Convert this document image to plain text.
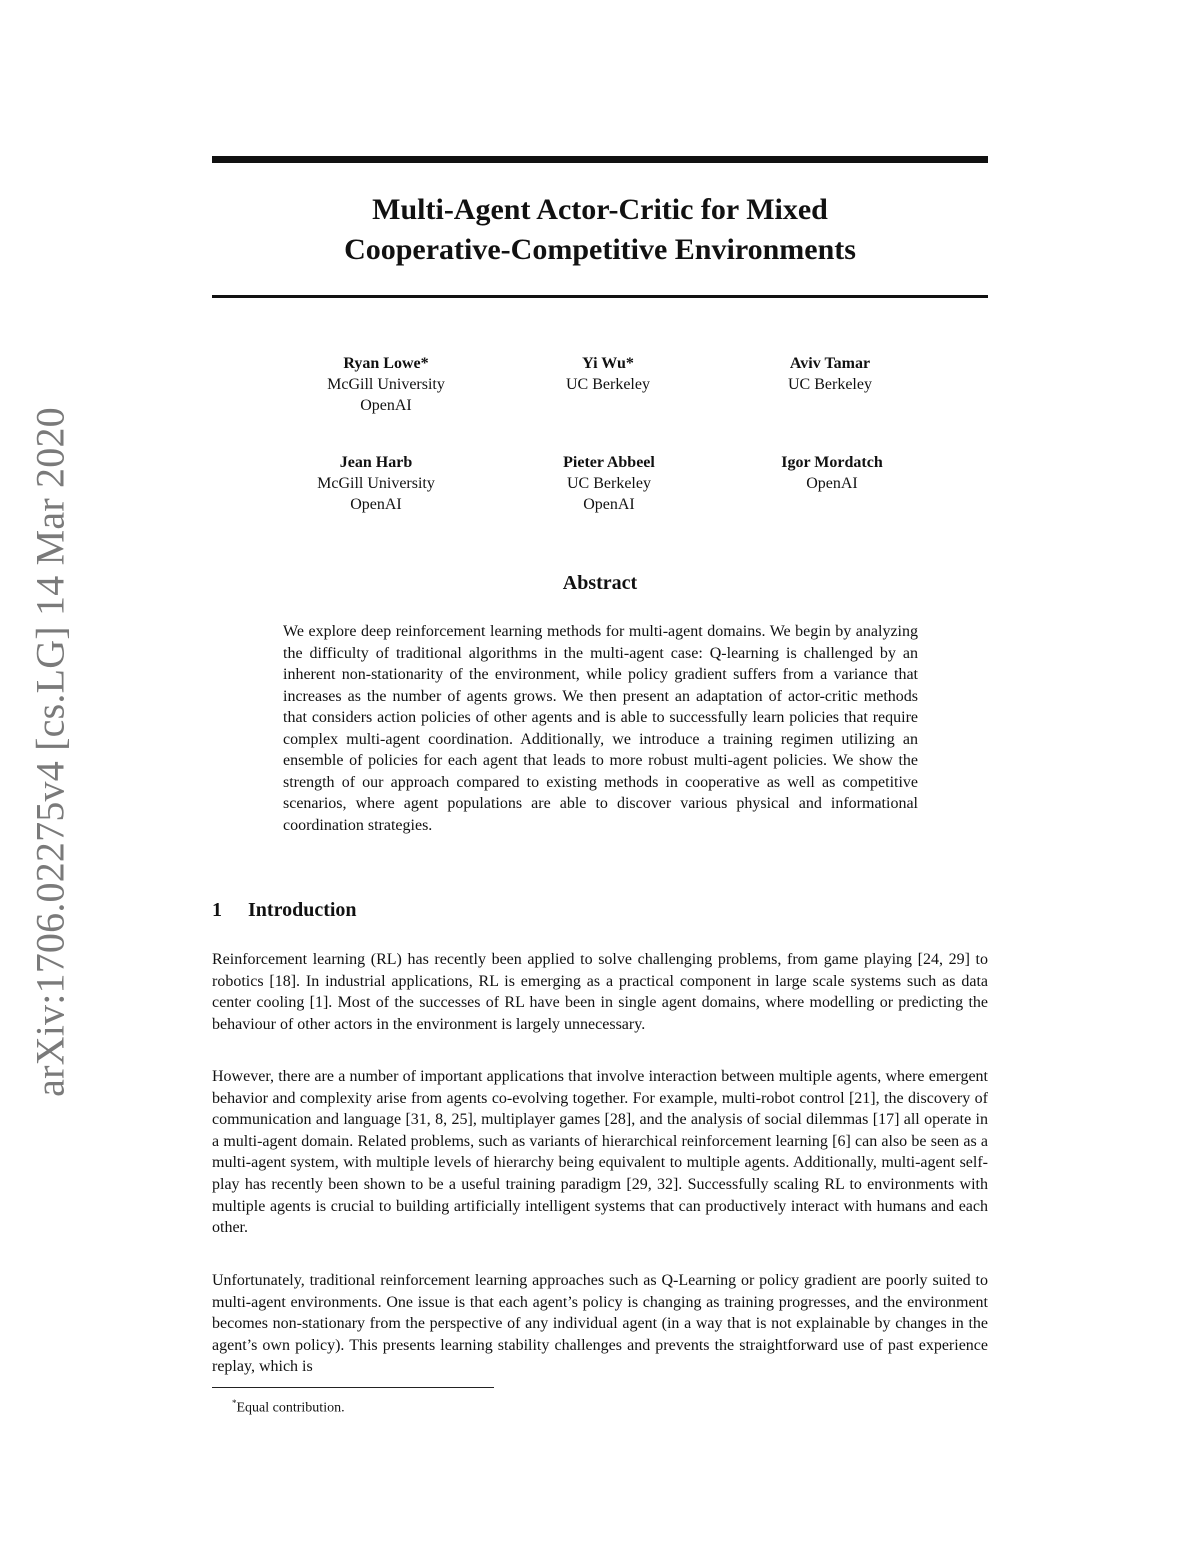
arXiv:1706.02275v4 [cs.LG] 14 Mar 2020
Multi-Agent Actor-Critic for Mixed
Cooperative-Competitive Environments
Ryan Lowe*
McGill University
OpenAI
Yi Wu*
UC Berkeley
Aviv Tamar
UC Berkeley
Jean Harb
McGill University
OpenAI
Pieter Abbeel
UC Berkeley
OpenAI
Igor Mordatch
OpenAI
Abstract
We explore deep reinforcement learning methods for multi-agent domains. We begin by analyzing the difficulty of traditional algorithms in the multi-agent case: Q-learning is challenged by an inherent non-stationarity of the environment, while policy gradient suffers from a variance that increases as the number of agents grows. We then present an adaptation of actor-critic methods that considers action policies of other agents and is able to successfully learn policies that require complex multi-agent coordination. Additionally, we introduce a training regimen utilizing an ensemble of policies for each agent that leads to more robust multi-agent policies. We show the strength of our approach compared to existing methods in cooperative as well as competitive scenarios, where agent populations are able to discover various physical and informational coordination strategies.
1 Introduction

Reinforcement learning (RL) has recently been applied to solve challenging problems, from game playing [24, 29] to robotics [18]. In industrial applications, RL is emerging as a practical component in large scale systems such as data center cooling [1]. Most of the successes of RL have been in single agent domains, where modelling or predicting the behaviour of other actors in the environment is largely unnecessary.

However, there are a number of important applications that involve interaction between multiple agents, where emergent behavior and complexity arise from agents co-evolving together. For example, multi-robot control [21], the discovery of communication and language [31, 8, 25], multiplayer games [28], and the analysis of social dilemmas [17] all operate in a multi-agent domain. Related problems, such as variants of hierarchical reinforcement learning [6] can also be seen as a multi-agent system, with multiple levels of hierarchy being equivalent to multiple agents. Additionally, multi-agent self-play has recently been shown to be a useful training paradigm [29, 32]. Successfully scaling RL to environments with multiple agents is crucial to building artificially intelligent systems that can productively interact with humans and each other.

Unfortunately, traditional reinforcement learning approaches such as Q-Learning or policy gradient are poorly suited to multi-agent environments. One issue is that each agent’s policy is changing as training progresses, and the environment becomes non-stationary from the perspective of any individual agent (in a way that is not explainable by changes in the agent’s own policy). This presents learning stability challenges and prevents the straightforward use of past experience replay, which is

*Equal contribution.
